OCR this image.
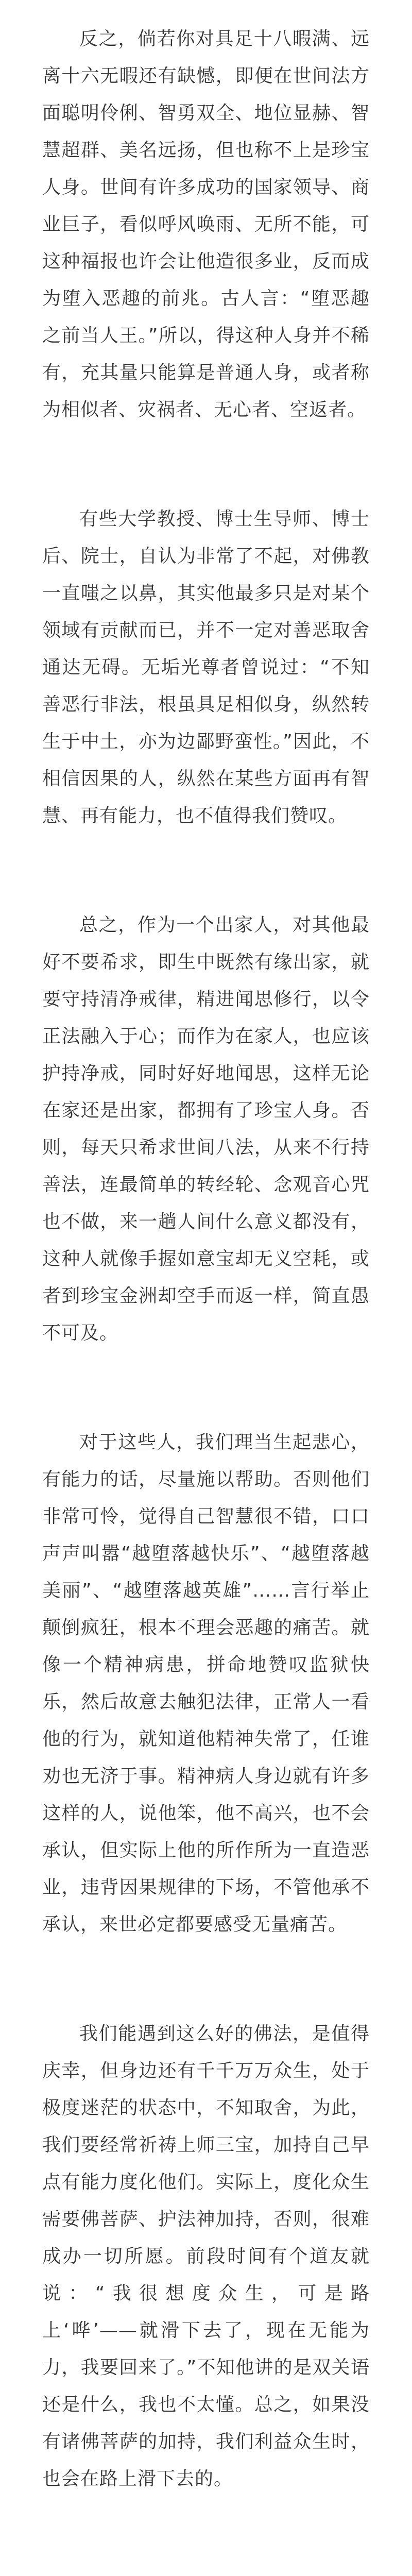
反之，倘若你对具足十八暇满、远离十六无暇还有缺憾，即便在世间法方面聪明伶俐、智勇双全、地位显赫、智慧超群、美名远扬，但也称不上是珍宝人身。世间有许多成功的国家领导、商业巨子，看似呼风唤雨、无所不能，可这种福报也许会让他造很多业，反而成为堕入恶趣的前兆。古人言：“堕恶趣之前当人王。”所以，得这种人身并不稀有，充其量只能算是普通人身，或者称为相似者、灾祸者、无心者、空返者。

有些大学教授、博士生导师、博士后、院士，自认为非常了不起，对佛教一直嗤之以鼻，其实他最多只是对某个领域有贡献而已，并不一定对善恶取舍通达无碍。无垢光尊者曾说过：“不知善恶行非法，根虽具足相似身，纵然转生于中土，亦为边鄙野蛮性。”因此，不相信因果的人，纵然在某些方面再有智慧、再有能力，也不值得我们赞叹。

总之，作为一个出家人，对其他最好不要希求，即生中既然有缘出家，就要守持清净戒律，精进闻思修行，以令正法融入于心；而作为在家人，也应该护持净戒，同时好好地闻思，这样无论在家还是出家，都拥有了珍宝人身。否则，每天只希求世间八法，从来不行持善法，连最简单的转经轮、念观音心咒也不做，来一趟人间什么意义都没有，这种人就像手握如意宝却无义空耗，或者到珍宝金洲却空手而返一样，简直愚不可及。

对于这些人，我们理当生起悲心，有能力的话，尽量施以帮助。否则他们非常可怜，觉得自己智慧很不错，口口声声叫嚣“越堕落越快乐”、“越堕落越美丽”、“越堕落越英雄”……言行举止颠倒疯狂，根本不理会恶趣的痛苦。就像一个精神病患，拼命地赞叹监狱快乐，然后故意去触犯法律，正常人一看他的行为，就知道他精神失常了，任谁劝也无济于事。精神病人身边就有许多这样的人，说他笨，他不高兴，也不会承认，但实际上他的所作所为一直造恶业，违背因果规律的下场，不管他承不承认，来世必定都要感受无量痛苦。

我们能遇到这么好的佛法，是值得庆幸，但身边还有千千万万众生，处于极度迷茫的状态中，不知取舍，为此，我们要经常祈祷上师三宝，加持自己早点有能力度化他们。实际上，度化众生需要佛菩萨、护法神加持，否则，很难成办一切所愿。前段时间有个道友就说：“我很想度众生，可是路上‘哗’——就滑下去了，现在无能为力，我要回来了。”不知他讲的是双关语还是什么，我也不太懂。总之，如果没有诸佛菩萨的加持，我们利益众生时，也会在路上滑下去的。
